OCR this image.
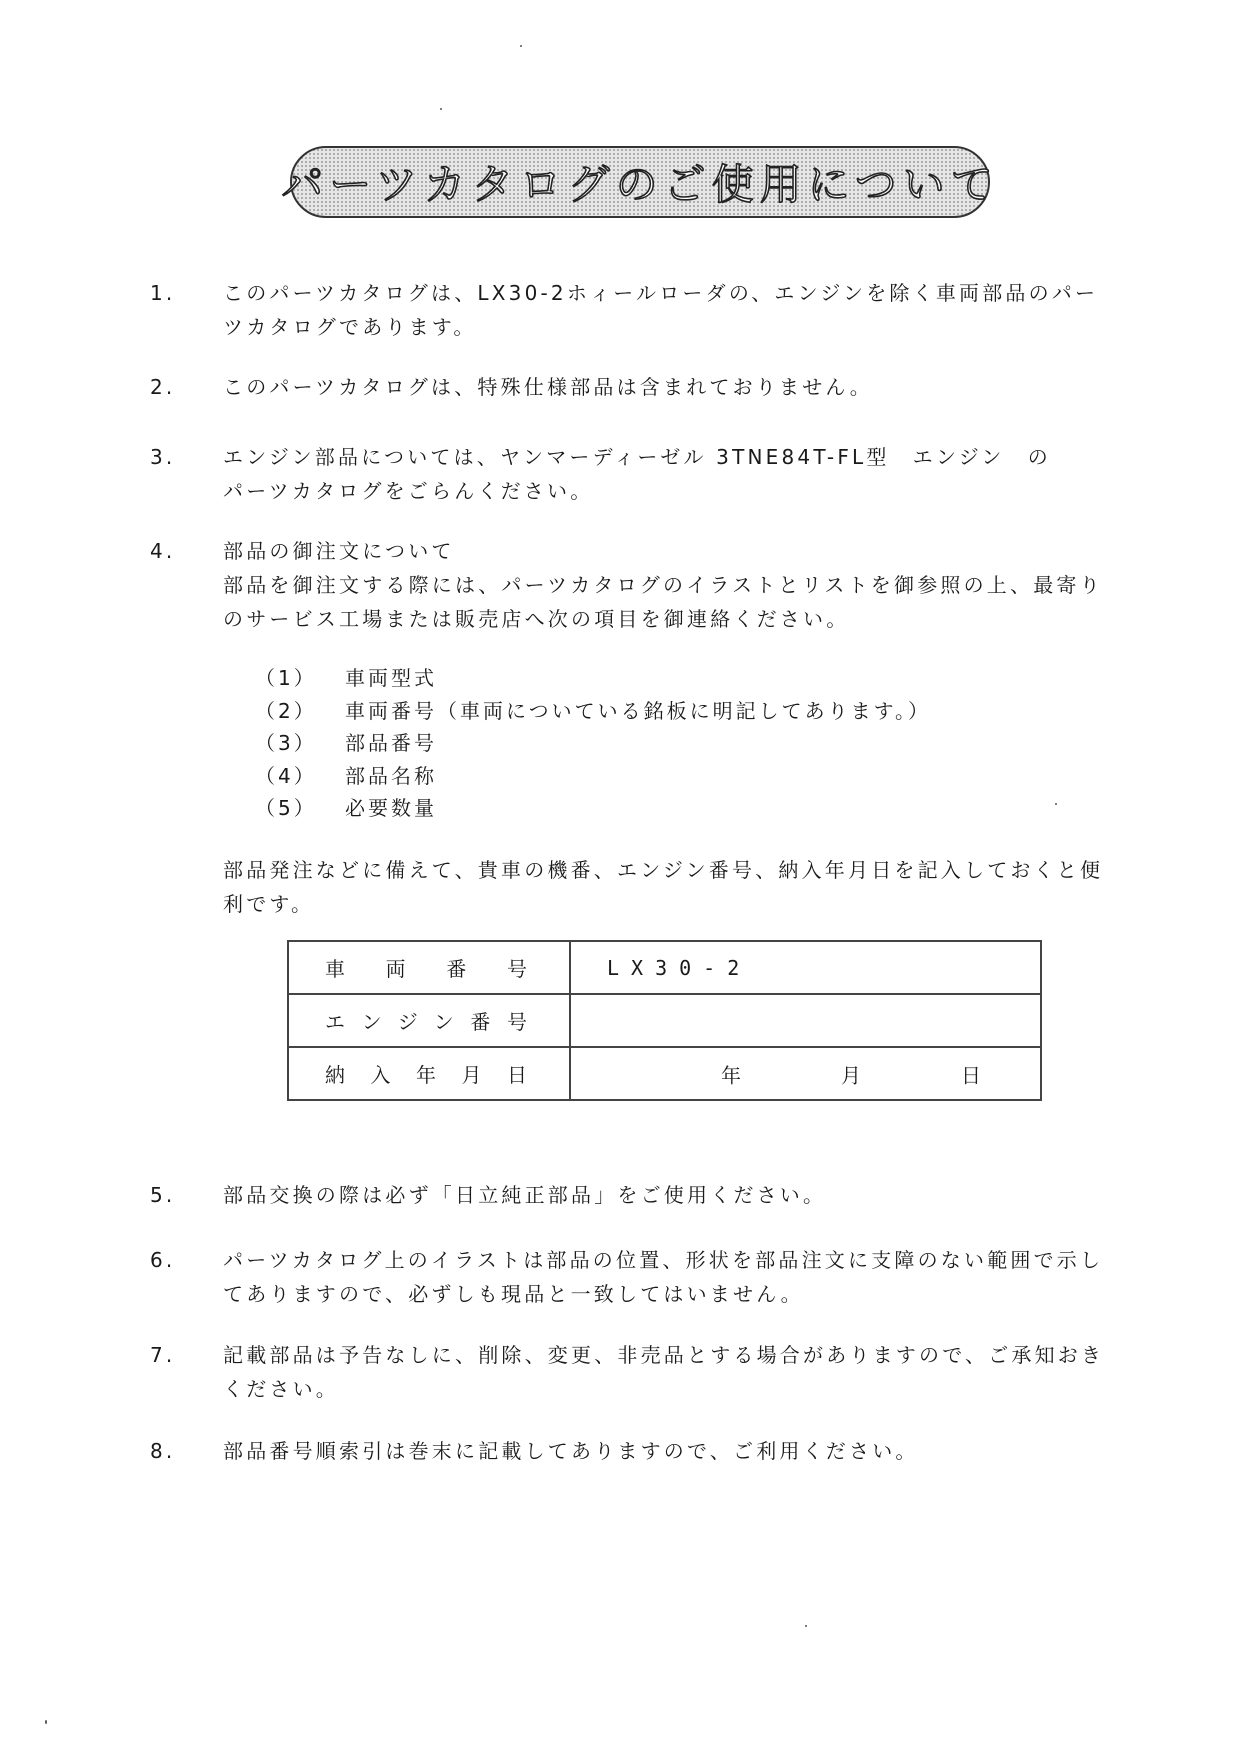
パーツカタログのご使用について
1.	このパーツカタログは、LX30-2ホィールローダの、エンジンを除く車両部品のパー

ツカタログであります。

2.	このパーツカタログは、特殊仕様部品は含まれておりません。

3.	エンジン部品については、ヤンマーディーゼル 3TNE84T-FL型　エンジン　の

パーツカタログをごらんください。

4.	部品の御注文について

部品を御注文する際には、パーツカタログのイラストとリストを御参照の上、最寄り

のサービス工場または販売店へ次の項目を御連絡ください。

（1）	車両型式
（2）	車両番号（車両についている銘板に明記してあります。）
（3）	部品番号
（4）	部品名称
（5）	必要数量
部品発注などに備えて、貴車の機番、エンジン番号、納入年月日を記入しておくと便
利です。
車両番号	LX30-2
エンジン番号	
納入年月日	年 月 日
5.	部品交換の際は必ず「日立純正部品」をご使用ください。

6.	パーツカタログ上のイラストは部品の位置、形状を部品注文に支障のない範囲で示し

てありますので、必ずしも現品と一致してはいません。

7.	記載部品は予告なしに、削除、変更、非売品とする場合がありますので、ご承知おき

ください。

8.	部品番号順索引は巻末に記載してありますので、ご利用ください。
